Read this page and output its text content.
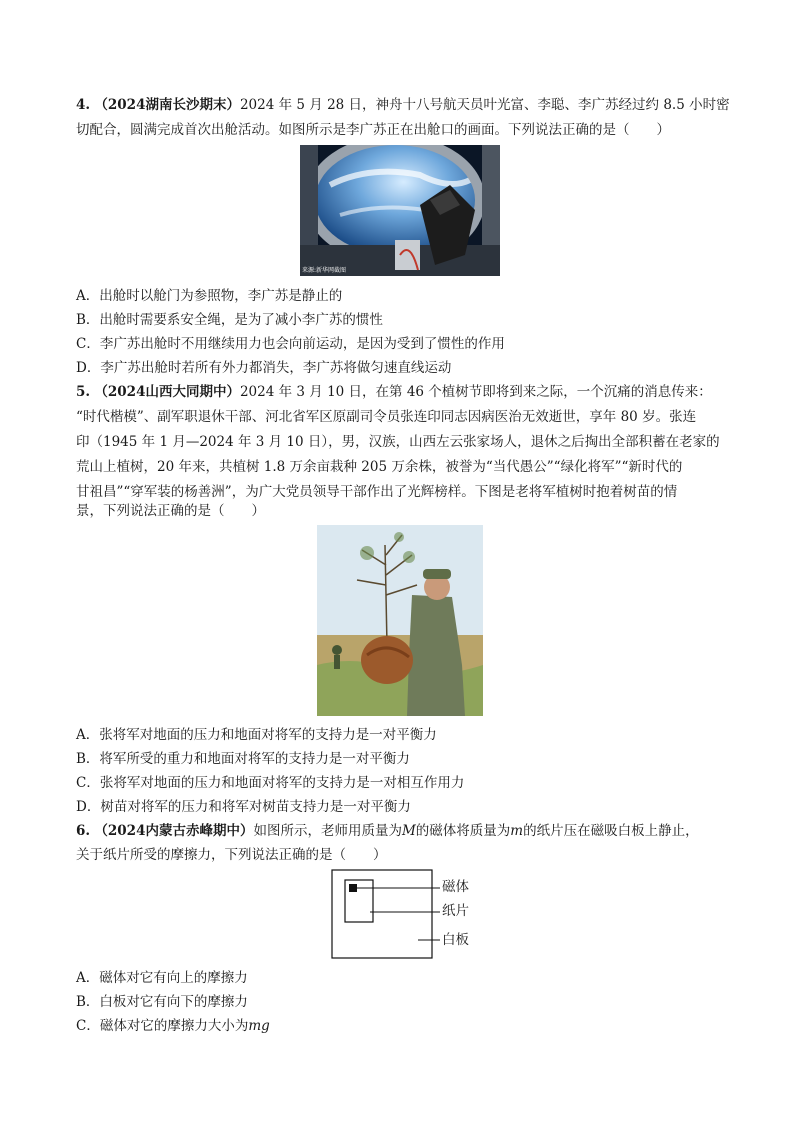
4. （2024湖南长沙期末）2024 年 5 月 28 日，神舟十八号航天员叶光富、李聪、李广苏经过约 8.5 小时密
切配合，圆满完成首次出舱活动。如图所示是李广苏正在出舱口的画面。下列说法正确的是（　　）
来源:新华网截图
A．出舱时以舱门为参照物，李广苏是静止的
B．出舱时需要系安全绳，是为了减小李广苏的惯性
C．李广苏出舱时不用继续用力也会向前运动，是因为受到了惯性的作用
D．李广苏出舱时若所有外力都消失，李广苏将做匀速直线运动
5. （2024山西大同期中）2024 年 3 月 10 日，在第 46 个植树节即将到来之际，一个沉痛的消息传来：
“时代楷模”、副军职退休干部、河北省军区原副司令员张连印同志因病医治无效逝世，享年 80 岁。张连
印（1945 年 1 月—2024 年 3 月 10 日），男，汉族，山西左云张家场人，退休之后掏出全部积蓄在老家的
荒山上植树，20 年来，共植树 1.8 万余亩栽种 205 万余株，被誉为“当代愚公”“绿化将军”“新时代的
甘祖昌”“穿军装的杨善洲”，为广大党员领导干部作出了光辉榜样。下图是老将军植树时抱着树苗的情
景，下列说法正确的是（　　）
A．张将军对地面的压力和地面对将军的支持力是一对平衡力
B．将军所受的重力和地面对将军的支持力是一对平衡力
C．张将军对地面的压力和地面对将军的支持力是一对相互作用力
D．树苗对将军的压力和将军对树苗支持力是一对平衡力
6. （2024内蒙古赤峰期中）如图所示，老师用质量为M的磁体将质量为m的纸片压在磁吸白板上静止，
关于纸片所受的摩擦力，下列说法正确的是（　　）
磁体
纸片
白板
A．磁体对它有向上的摩擦力
B．白板对它有向下的摩擦力
C．磁体对它的摩擦力大小为mg
